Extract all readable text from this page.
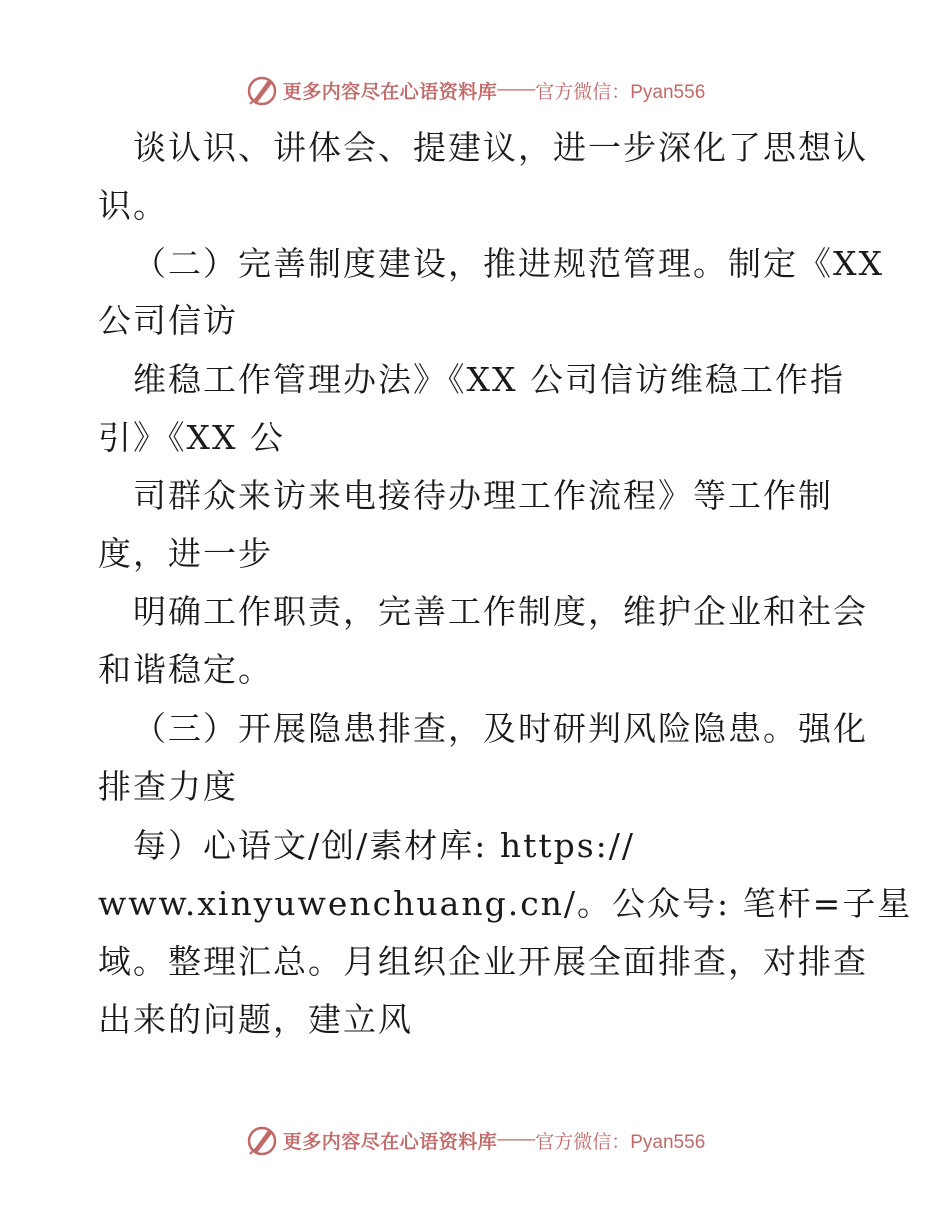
更多内容尽在心语资料库 —— 官方微信：Pyan556
谈认识、讲体会、提建议，进一步深化了思想认
识。
（二）完善制度建设，推进规范管理。制定《XX
公司信访
维稳工作管理办法》《XX 公司信访维稳工作指
引》《XX 公
司群众来访来电接待办理工作流程》等工作制
度，进一步
明确工作职责，完善工作制度，维护企业和社会
和谐稳定。
（三）开展隐患排查，及时研判风险隐患。强化
排查力度
每）心语文/创/素材库: https://
www.xinyuwenchuang.cn/。公众号: 笔杆=子星
域。整理汇总。月组织企业开展全面排查，对排查
出来的问题，建立风
更多内容尽在心语资料库 —— 官方微信：Pyan556
